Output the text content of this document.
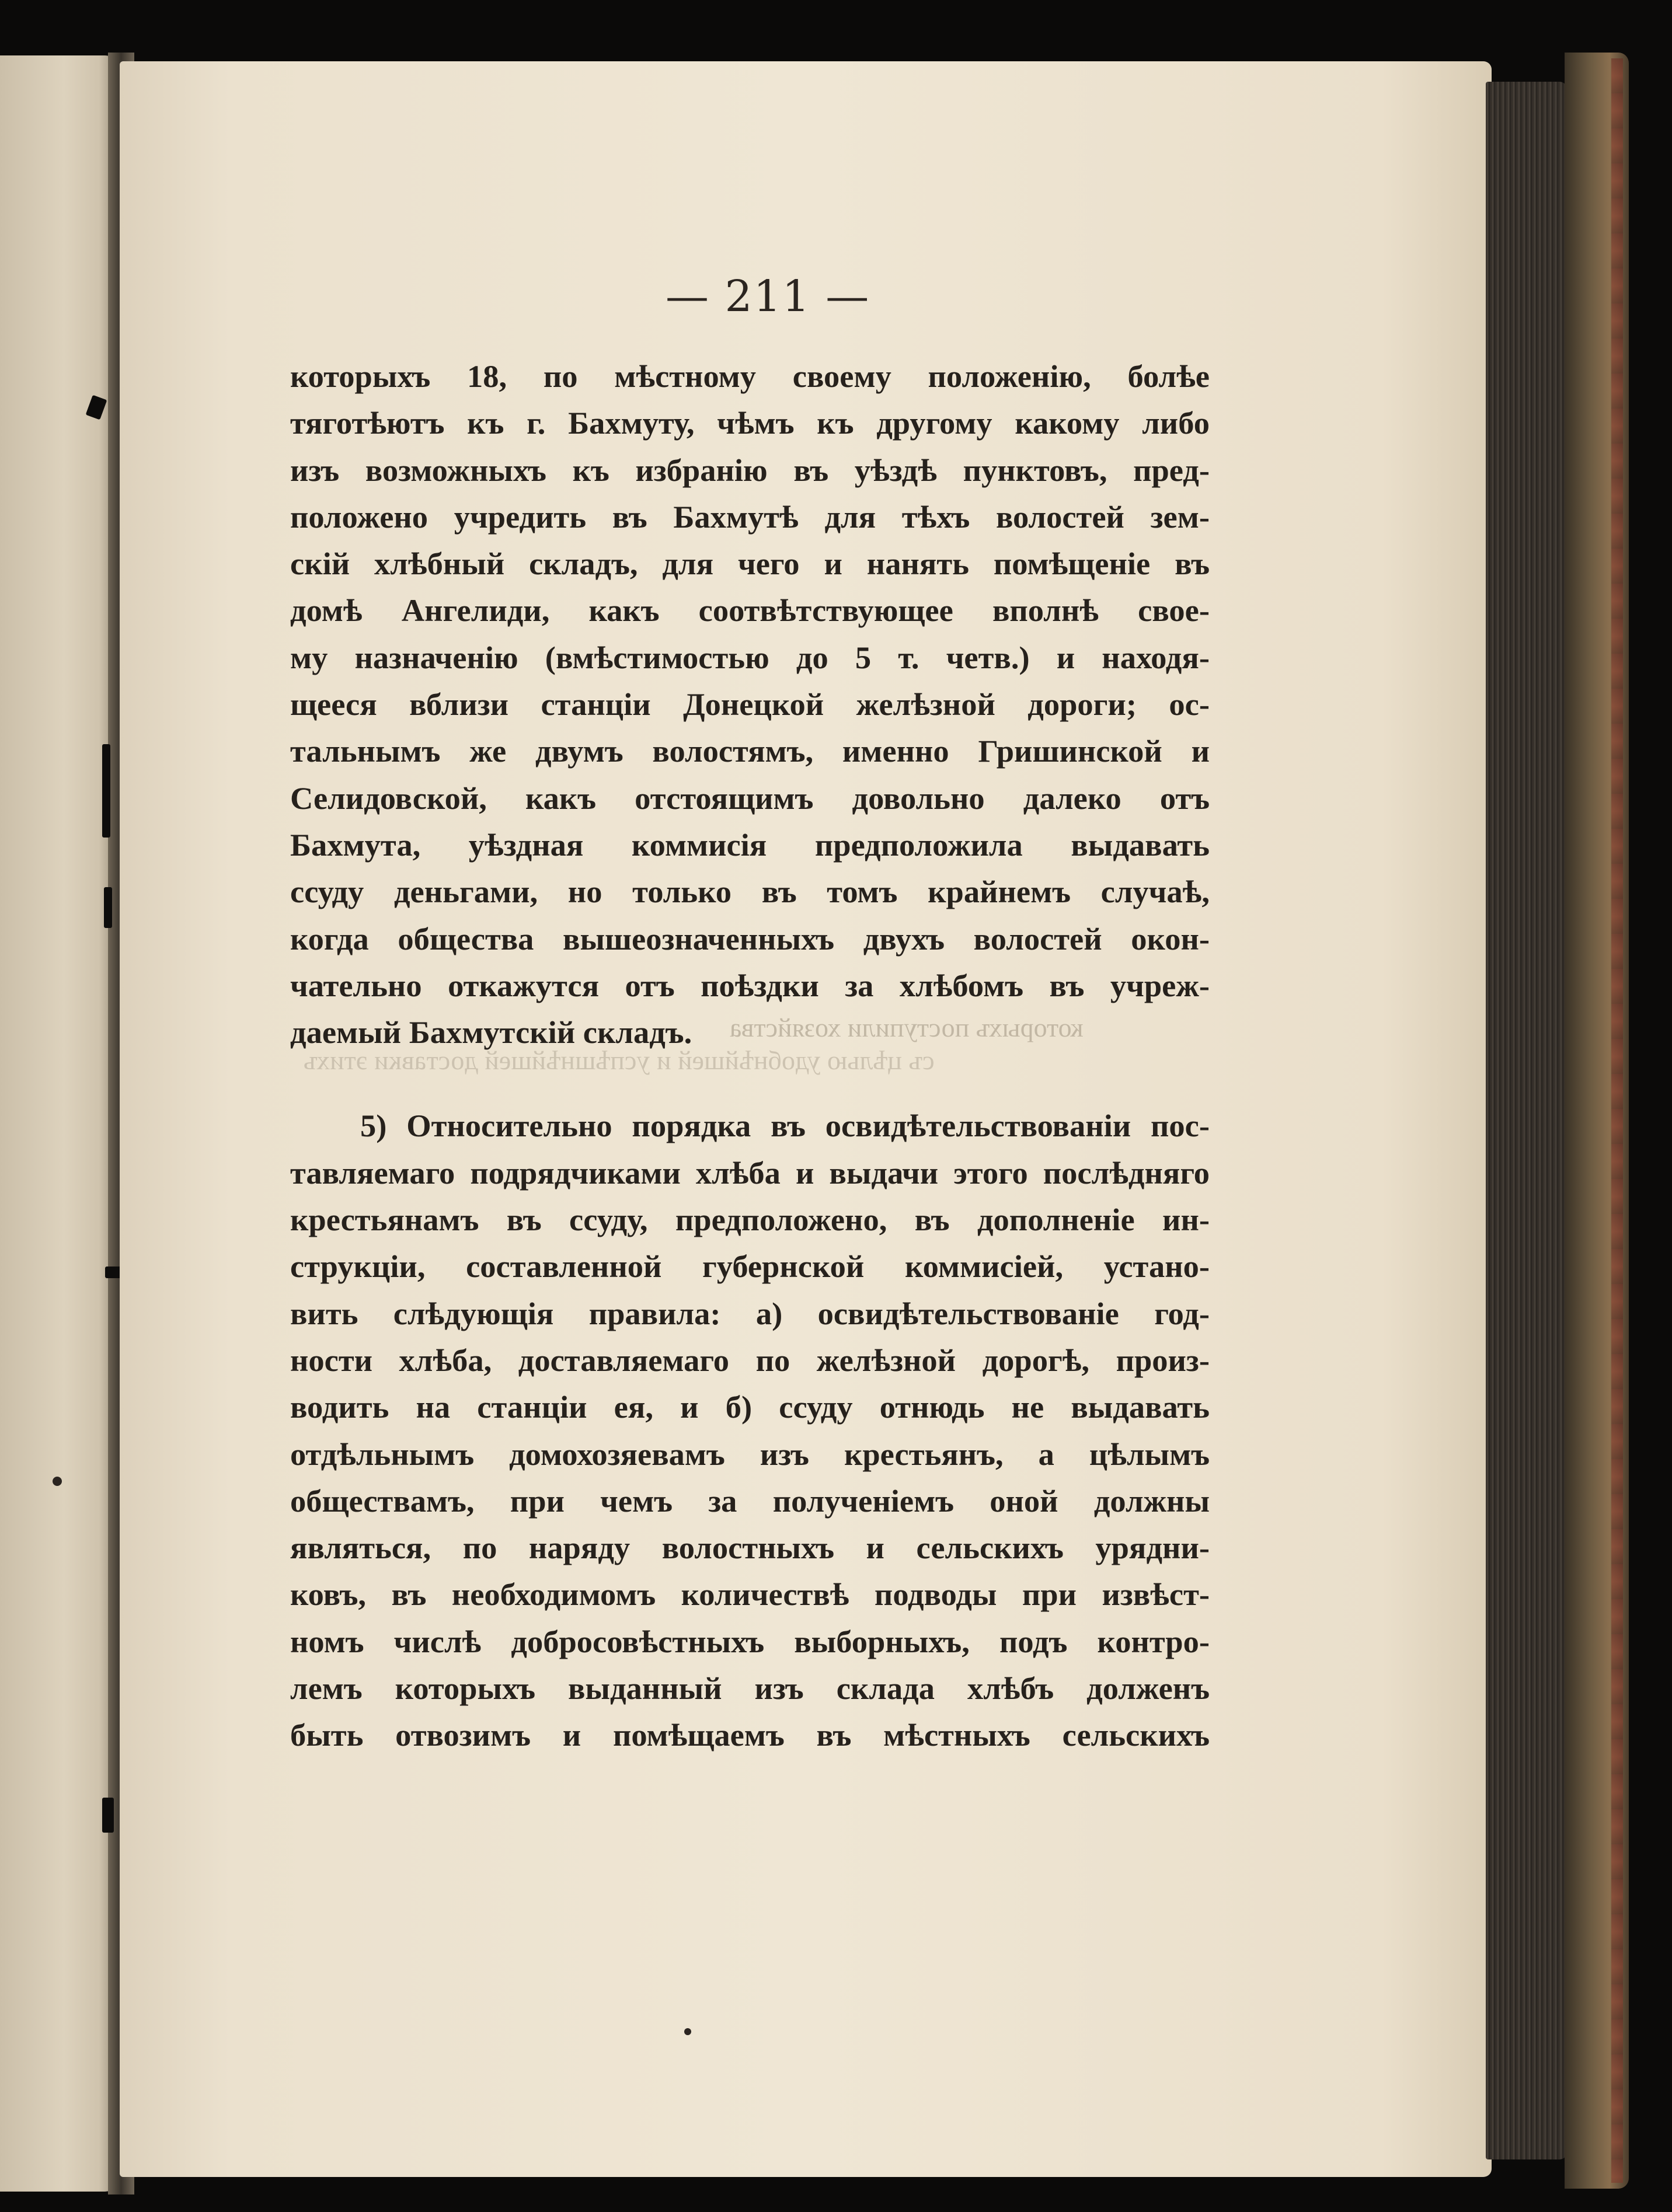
— 211 —
которыхъ поступили хозяйства
съ цѣлью удобнѣйшей и успѣшнѣйшей доставки этихъ
которыхъ 18, по мѣстному своему положенію, болѣе
тяготѣютъ къ г. Бахмуту, чѣмъ къ другому какому либо
изъ возможныхъ къ избранію въ уѣздѣ пунктовъ, пред-
положено учредить въ Бахмутѣ для тѣхъ волостей зем-
скій хлѣбный складъ, для чего и нанять помѣщеніе въ
домѣ Ангелиди, какъ соотвѣтствующее вполнѣ свое-
му назначенію (вмѣстимостью до 5 т. четв.) и находя-
щееся вблизи станціи Донецкой желѣзной дороги; ос-
тальнымъ же двумъ волостямъ, именно Гришинской и
Селидовской, какъ отстоящимъ довольно далеко отъ
Бахмута, уѣздная коммисія предположила выдавать
ссуду деньгами, но только въ томъ крайнемъ случаѣ,
когда общества вышеозначенныхъ двухъ волостей окон-
чательно откажутся отъ поѣздки за хлѣбомъ въ учреж-
даемый Бахмутскій складъ.
5) Относительно порядка въ освидѣтельствованіи пос-
тавляемаго подрядчиками хлѣба и выдачи этого послѣдняго
крестьянамъ въ ссуду, предположено, въ дополненіе ин-
струкціи, составленной губернской коммисіей, устано-
вить слѣдующія правила: а) освидѣтельствованіе год-
ности хлѣба, доставляемаго по желѣзной дорогѣ, произ-
водить на станціи ея, и б) ссуду отнюдь не выдавать
отдѣльнымъ домохозяевамъ изъ крестьянъ, а цѣлымъ
обществамъ, при чемъ за полученіемъ оной должны
являться, по наряду волостныхъ и сельскихъ урядни-
ковъ, въ необходимомъ количествѣ подводы при извѣст-
номъ числѣ добросовѣстныхъ выборныхъ, подъ контро-
лемъ которыхъ выданный изъ склада хлѣбъ долженъ
быть отвозимъ и помѣщаемъ въ мѣстныхъ сельскихъ
